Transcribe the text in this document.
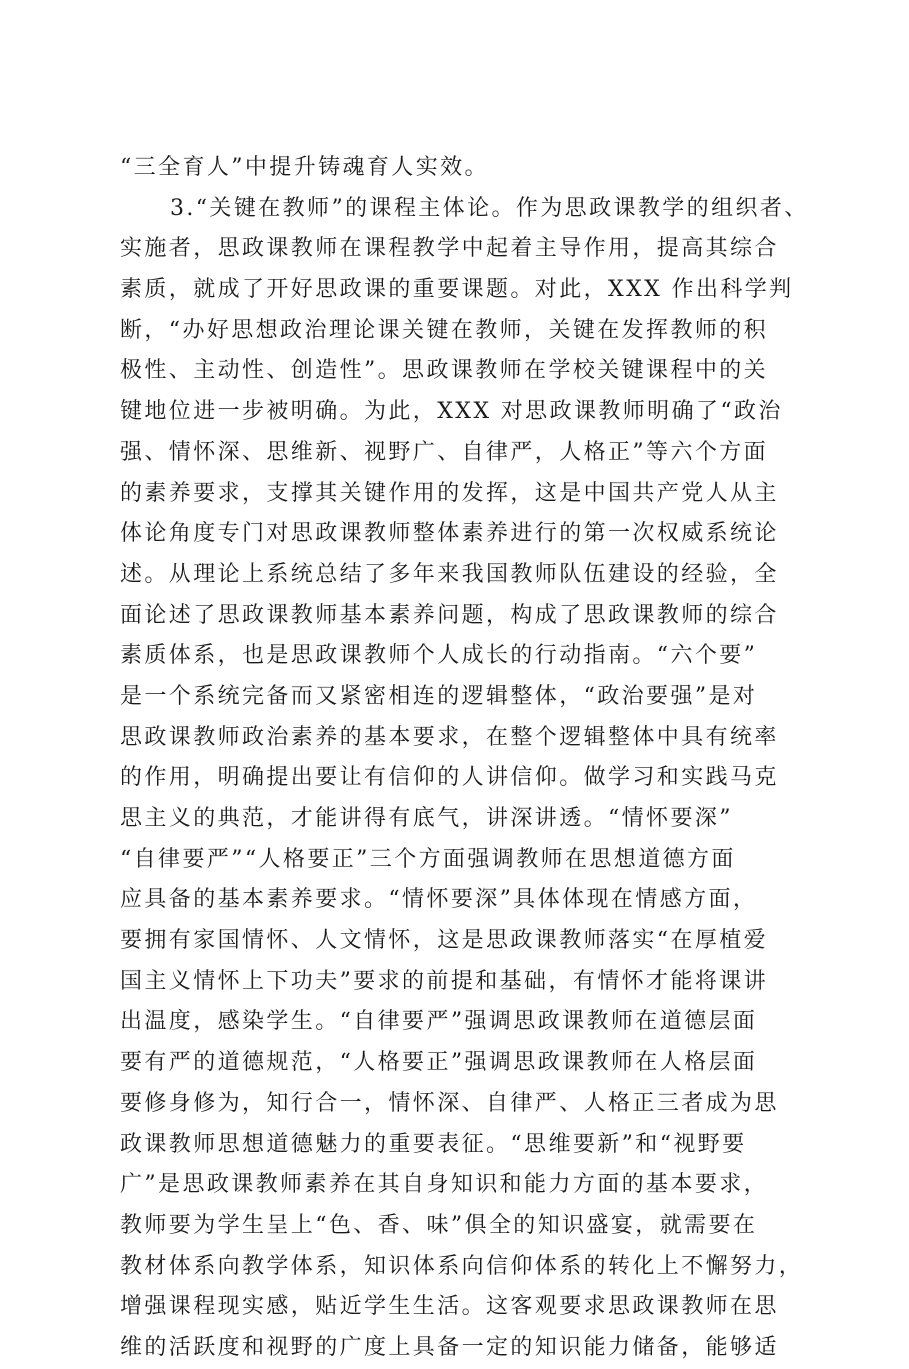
“三全育人”中提升铸魂育人实效。
3.“关键在教师”的课程主体论。作为思政课教学的组织者、
实施者，思政课教师在课程教学中起着主导作用，提高其综合
素质，就成了开好思政课的重要课题。对此，XXX 作出科学判
断，“办好思想政治理论课关键在教师，关键在发挥教师的积
极性、主动性、创造性”。思政课教师在学校关键课程中的关
键地位进一步被明确。为此，XXX 对思政课教师明确了“政治
强、情怀深、思维新、视野广、自律严，人格正”等六个方面
的素养要求，支撑其关键作用的发挥，这是中国共产党人从主
体论角度专门对思政课教师整体素养进行的第一次权威系统论
述。从理论上系统总结了多年来我国教师队伍建设的经验，全
面论述了思政课教师基本素养问题，构成了思政课教师的综合
素质体系，也是思政课教师个人成长的行动指南。“六个要”
是一个系统完备而又紧密相连的逻辑整体，“政治要强”是对
思政课教师政治素养的基本要求，在整个逻辑整体中具有统率
的作用，明确提出要让有信仰的人讲信仰。做学习和实践马克
思主义的典范，才能讲得有底气，讲深讲透。“情怀要深”
“自律要严”“人格要正”三个方面强调教师在思想道德方面
应具备的基本素养要求。“情怀要深”具体体现在情感方面，
要拥有家国情怀、人文情怀，这是思政课教师落实“在厚植爱
国主义情怀上下功夫”要求的前提和基础，有情怀才能将课讲
出温度，感染学生。“自律要严”强调思政课教师在道德层面
要有严的道德规范，“人格要正”强调思政课教师在人格层面
要修身修为，知行合一，情怀深、自律严、人格正三者成为思
政课教师思想道德魅力的重要表征。“思维要新”和“视野要
广”是思政课教师素养在其自身知识和能力方面的基本要求，
教师要为学生呈上“色、香、味”俱全的知识盛宴，就需要在
教材体系向教学体系，知识体系向信仰体系的转化上不懈努力，
增强课程现实感，贴近学生生活。这客观要求思政课教师在思
维的活跃度和视野的广度上具备一定的知识能力储备，能够适
